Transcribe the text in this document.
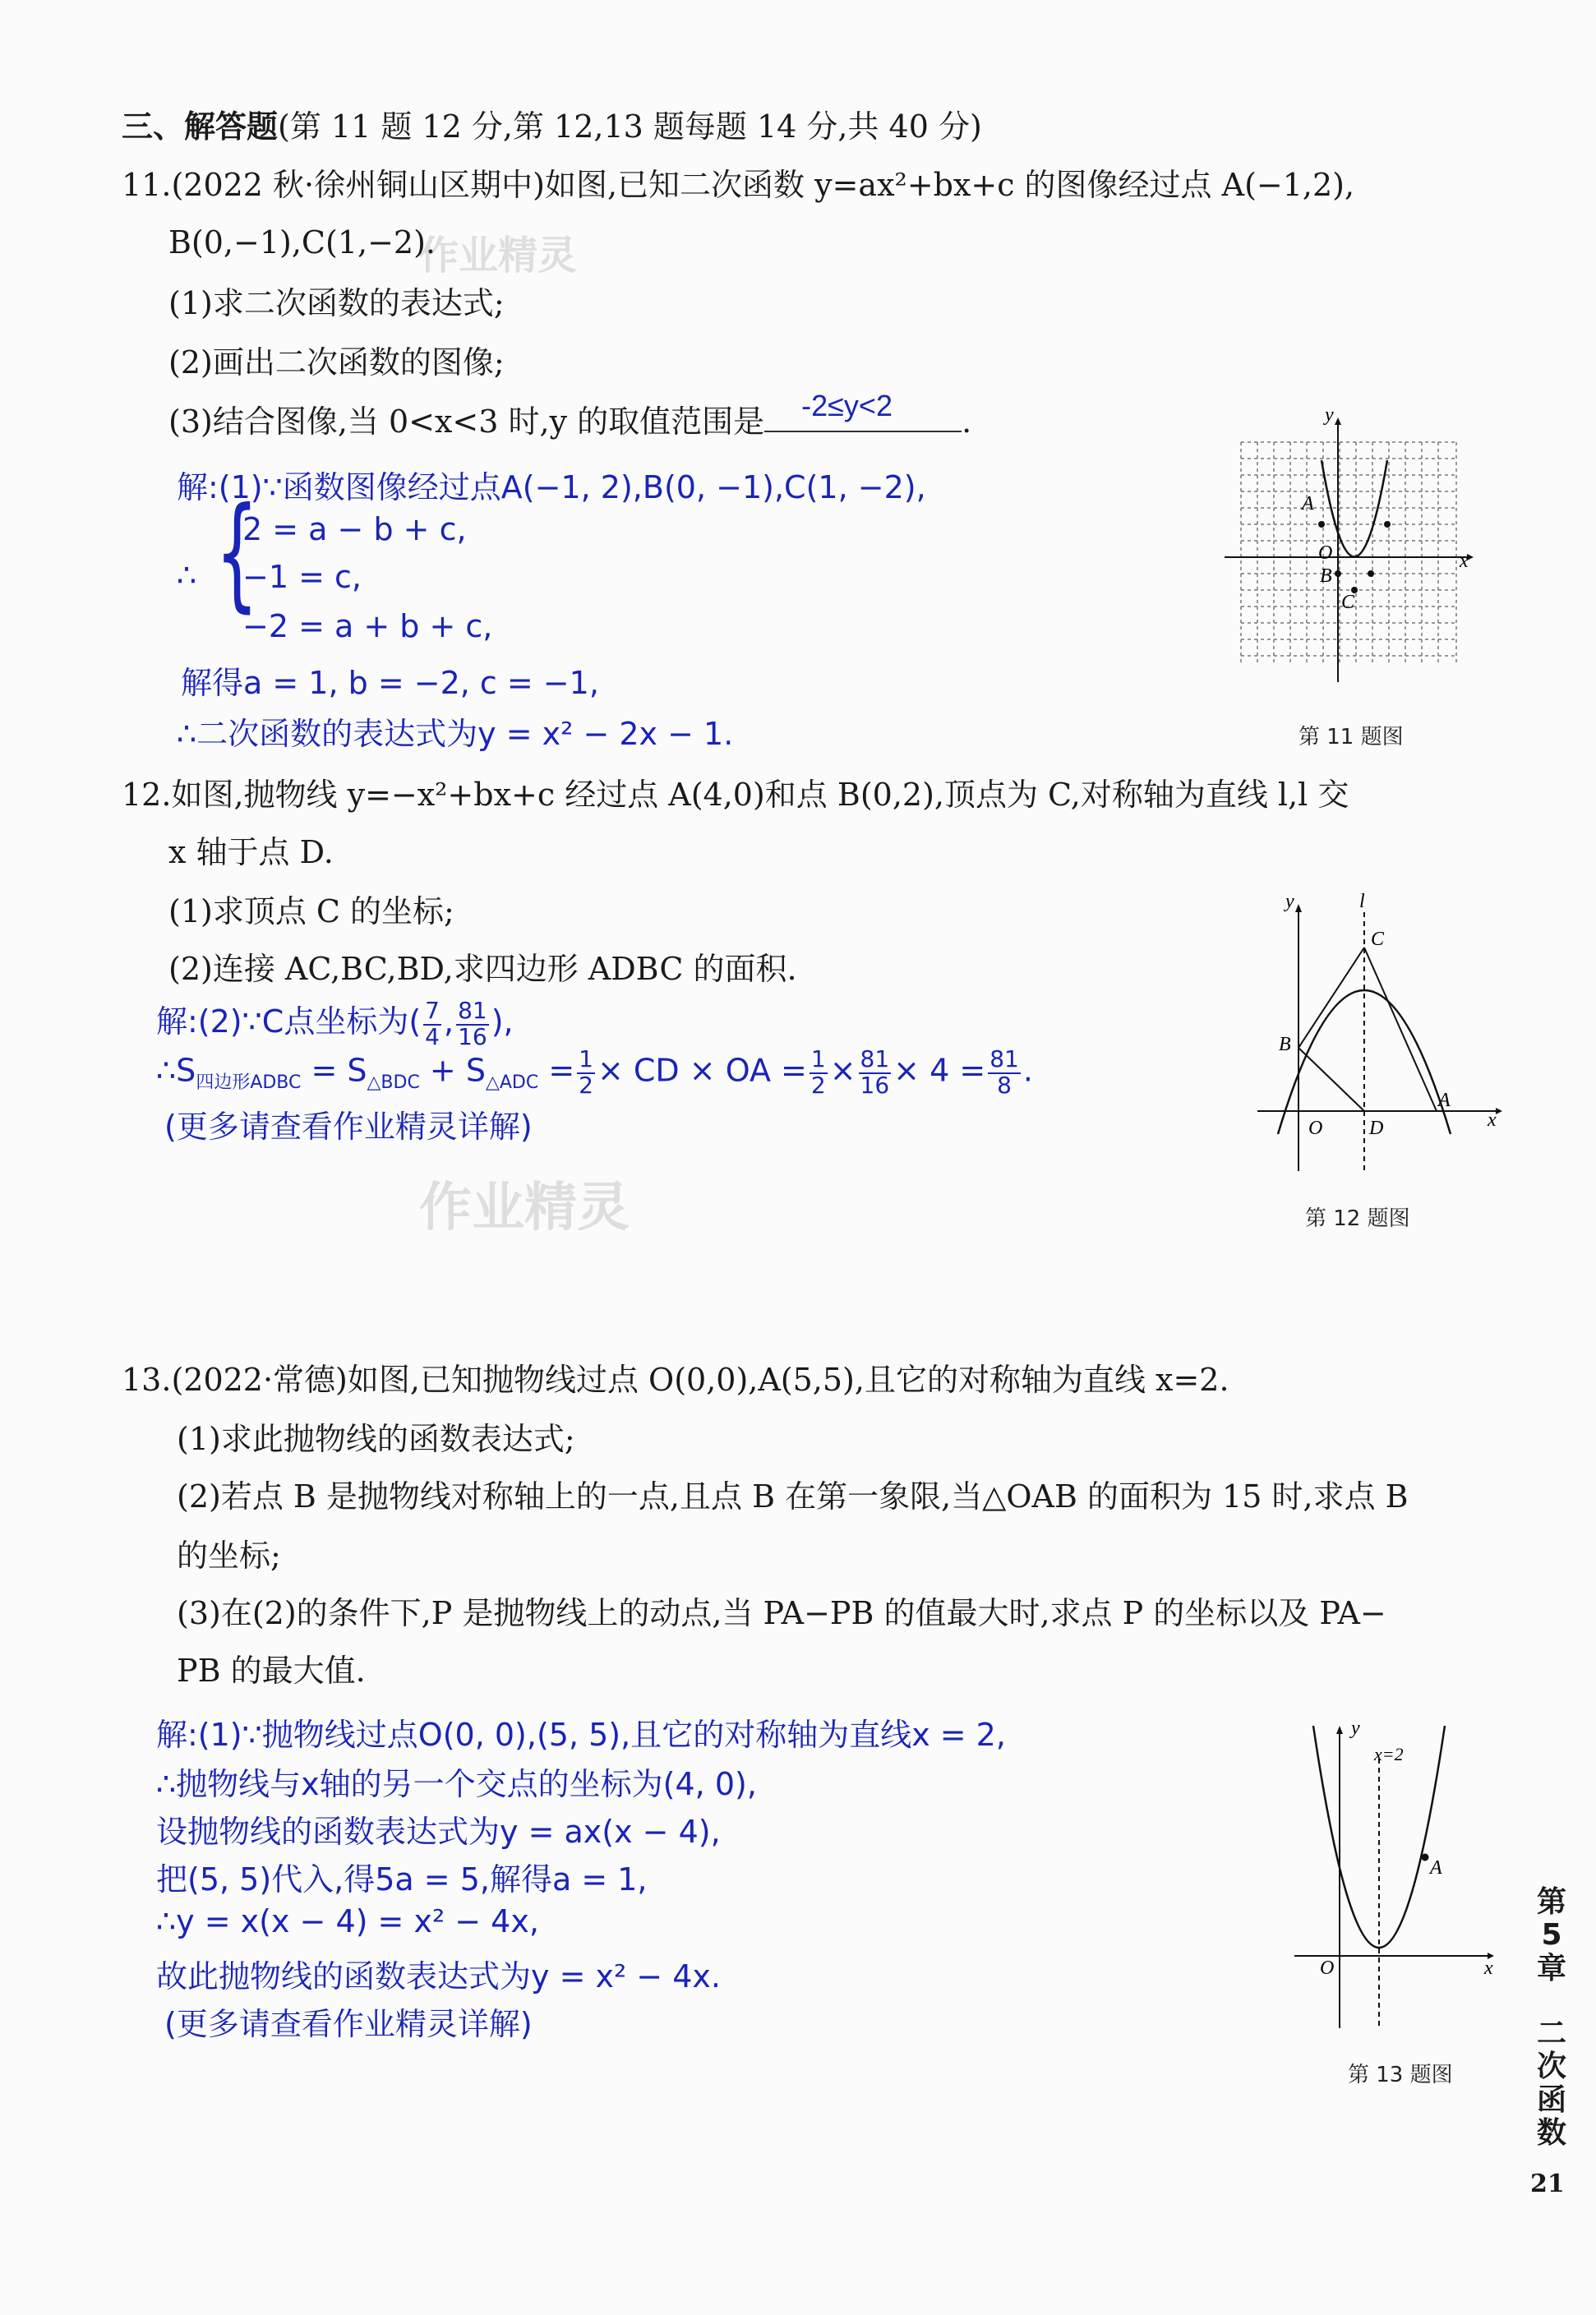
三、解答题(第 11 题 12 分,第 12,13 题每题 14 分,共 40 分)
11.(2022 秋·徐州铜山区期中)如图,已知二次函数 y=ax²+bx+c 的图像经过点 A(−1,2),
B(0,−1),C(1,−2).
(1)求二次函数的表达式;
(2)画出二次函数的图像;
(3)结合图像,当 0<x<3 时,y 的取值范围是 -2≤y<2 .
解:(1)∵函数图像经过点A(−1, 2),B(0, −1),C(1, −2),
∴ {
2 = a − b + c,
−1 = c,
−2 = a + b + c,
解得a = 1, b = −2, c = −1,
∴二次函数的表达式为y = x² − 2x − 1.
y
x
O
A
B
C
第 11 题图
12.如图,抛物线 y=−x²+bx+c 经过点 A(4,0)和点 B(0,2),顶点为 C,对称轴为直线 l,l 交
x 轴于点 D.
(1)求顶点 C 的坐标;
(2)连接 AC,BC,BD,求四边形 ADBC 的面积.
解:(2)∵C点坐标为( $\frac{7}{4}$ , $\frac{81}{16}$ ),
$\therefore S_{四边形ADBC} = S_{\triangle BDC} + S_{\triangle ADC} = \frac{1}{2}$ × CD × OA = $\frac{1}{2} \times \frac{81}{16} \times 4 = \frac{81}{8}$ .
(更多请查看作业精灵详解)
y
x
l
C
B
O D
A
第 12 题图
13.(2022·常德)如图,已知抛物线过点 O(0,0),A(5,5),且它的对称轴为直线 x=2.
(1)求此抛物线的函数表达式;
(2)若点 B 是抛物线对称轴上的一点,且点 B 在第一象限,当△OAB 的面积为 15 时,求点 B
的坐标;
(3)在(2)的条件下,P 是抛物线上的动点,当 PA−PB 的值最大时,求点 P 的坐标以及 PA−
PB 的最大值.
解:(1)∵抛物线过点O(0, 0),(5, 5),且它的对称轴为直线x = 2,
∴抛物线与x轴的另一个交点的坐标为(4, 0),
设抛物线的函数表达式为y = ax(x − 4),
把(5, 5)代入,得5a = 5,解得a = 1,
∴y = x(x − 4) = x² − 4x,
故此抛物线的函数表达式为y = x² − 4x.
(更多请查看作业精灵详解)
y
x
O
A
x=2
第 13 题图
第5章
二次函数
21
作业精灵
作业精灵
